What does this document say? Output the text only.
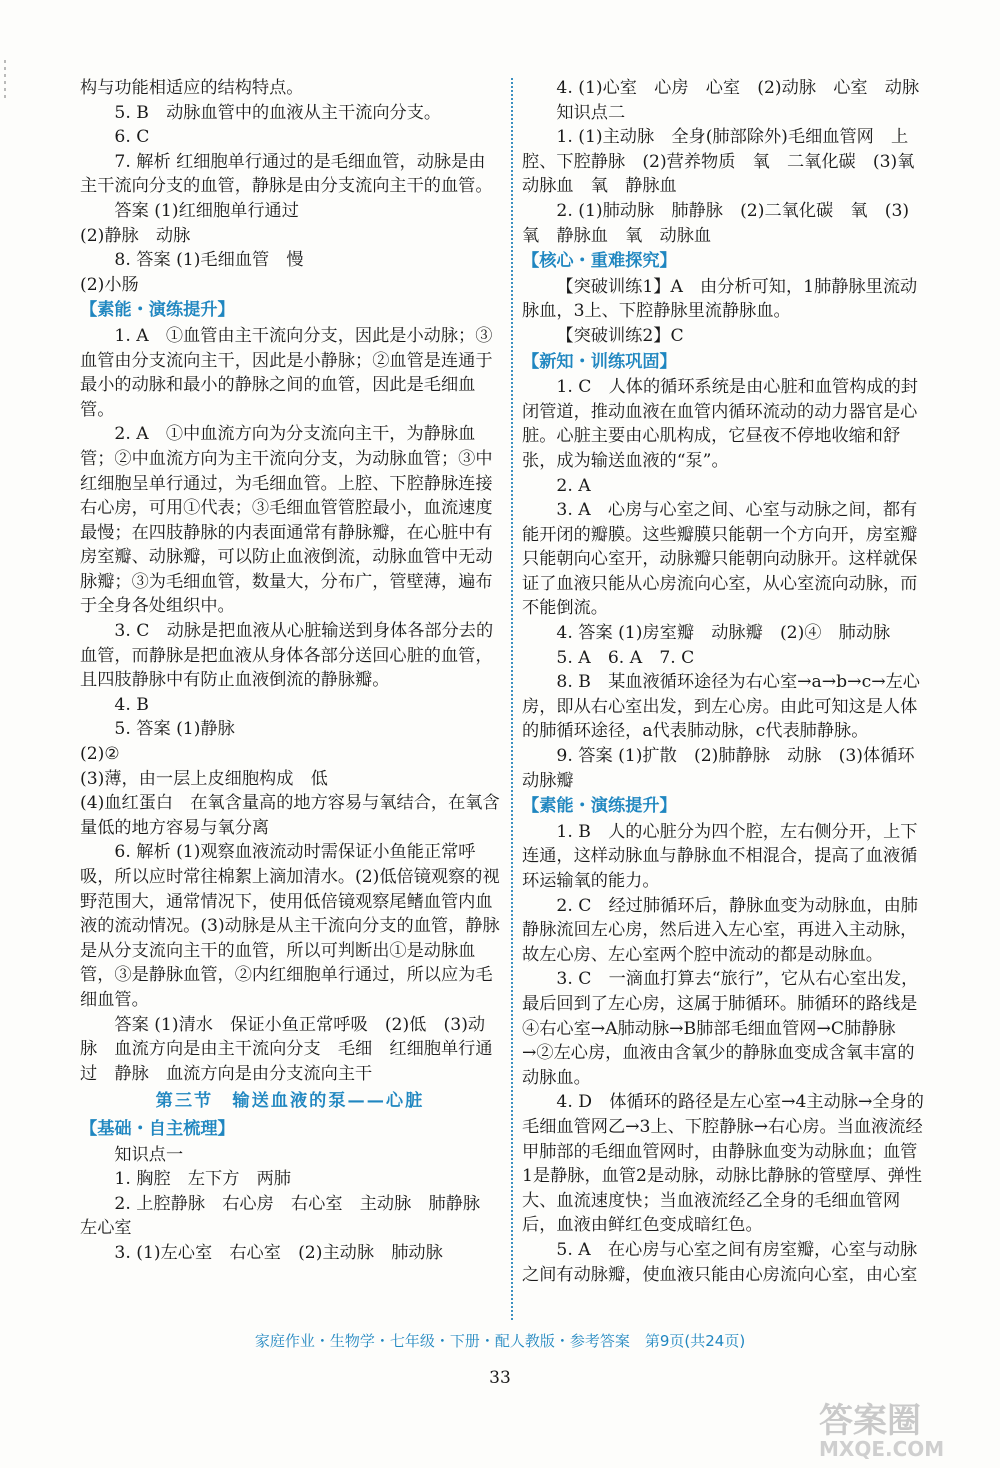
构与功能相适应的结构特点。
5. B　动脉血管中的血液从主干流向分支。
6. C
7. 解析 红细胞单行通过的是毛细血管，动脉是由主干流向分支的血管，静脉是由分支流向主干的血管。
答案 (1)红细胞单行通过
(2)静脉　动脉
8. 答案 (1)毛细血管　慢
(2)小肠
【素能・演练提升】
1. A　①血管由主干流向分支，因此是小动脉；③血管由分支流向主干，因此是小静脉；②血管是连通于最小的动脉和最小的静脉之间的血管，因此是毛细血管。
2. A　①中血流方向为分支流向主干，为静脉血管；②中血流方向为主干流向分支，为动脉血管；③中红细胞呈单行通过，为毛细血管。上腔、下腔静脉连接右心房，可用①代表；③毛细血管管腔最小，血流速度最慢；在四肢静脉的内表面通常有静脉瓣，在心脏中有房室瓣、动脉瓣，可以防止血液倒流，动脉血管中无动脉瓣；③为毛细血管，数量大，分布广，管壁薄，遍布于全身各处组织中。
3. C　动脉是把血液从心脏输送到身体各部分去的血管，而静脉是把血液从身体各部分送回心脏的血管，且四肢静脉中有防止血液倒流的静脉瓣。
4. B
5. 答案 (1)静脉
(2)②
(3)薄，由一层上皮细胞构成　低
(4)血红蛋白　在氧含量高的地方容易与氧结合，在氧含量低的地方容易与氧分离
6. 解析 (1)观察血液流动时需保证小鱼能正常呼吸，所以应时常往棉絮上滴加清水。(2)低倍镜观察的视野范围大，通常情况下，使用低倍镜观察尾鳍血管内血液的流动情况。(3)动脉是从主干流向分支的血管，静脉是从分支流向主干的血管，所以可判断出①是动脉血管，③是静脉血管，②内红细胞单行通过，所以应为毛细血管。
答案 (1)清水　保证小鱼正常呼吸　(2)低　(3)动脉　血流方向是由主干流向分支　毛细　红细胞单行通过　静脉　血流方向是由分支流向主干
第三节　输送血液的泵——心脏
【基础・自主梳理】
知识点一
1. 胸腔　左下方　两肺
2. 上腔静脉　右心房　右心室　主动脉　肺静脉　左心室
3. (1)左心室　右心室　(2)主动脉　肺动脉
4. (1)心室　心房　心室　(2)动脉　心室　动脉
知识点二
1. (1)主动脉　全身(肺部除外)毛细血管网　上腔、下腔静脉　(2)营养物质　氧　二氧化碳　(3)氧　动脉血　氧　静脉血
2. (1)肺动脉　肺静脉　(2)二氧化碳　氧　(3)氧　静脉血　氧　动脉血
【核心・重难探究】
【突破训练1】A　由分析可知，1肺静脉里流动脉血，3上、下腔静脉里流静脉血。
【突破训练2】C
【新知・训练巩固】
1. C　人体的循环系统是由心脏和血管构成的封闭管道，推动血液在血管内循环流动的动力器官是心脏。心脏主要由心肌构成，它昼夜不停地收缩和舒张，成为输送血液的“泵”。
2. A
3. A　心房与心室之间、心室与动脉之间，都有能开闭的瓣膜。这些瓣膜只能朝一个方向开，房室瓣只能朝向心室开，动脉瓣只能朝向动脉开。这样就保证了血液只能从心房流向心室，从心室流向动脉，而不能倒流。
4. 答案 (1)房室瓣　动脉瓣　(2)④　肺动脉
5. A　6. A　7. C
8. B　某血液循环途径为右心室→a→b→c→左心房，即从右心室出发，到左心房。由此可知这是人体的肺循环途径，a代表肺动脉，c代表肺静脉。
9. 答案 (1)扩散　(2)肺静脉　动脉　(3)体循环　动脉瓣
【素能・演练提升】
1. B　人的心脏分为四个腔，左右侧分开，上下连通，这样动脉血与静脉血不相混合，提高了血液循环运输氧的能力。
2. C　经过肺循环后，静脉血变为动脉血，由肺静脉流回左心房，然后进入左心室，再进入主动脉，故左心房、左心室两个腔中流动的都是动脉血。
3. C　一滴血打算去“旅行”，它从右心室出发，最后回到了左心房，这属于肺循环。肺循环的路线是④右心室→A肺动脉→B肺部毛细血管网→C肺静脉→②左心房，血液由含氧少的静脉血变成含氧丰富的动脉血。
4. D　体循环的路径是左心室→4主动脉→全身的毛细血管网乙→3上、下腔静脉→右心房。当血液流经甲肺部的毛细血管网时，由静脉血变为动脉血；血管1是静脉，血管2是动脉，动脉比静脉的管壁厚、弹性大、血流速度快；当血液流经乙全身的毛细血管网后，血液由鲜红色变成暗红色。
5. A　在心房与心室之间有房室瓣，心室与动脉之间有动脉瓣，使血液只能由心房流向心室，由心室
家庭作业・生物学・七年级・下册・配人教版・参考答案　第9页(共24页)
33
答案圈
MXQE.COM
